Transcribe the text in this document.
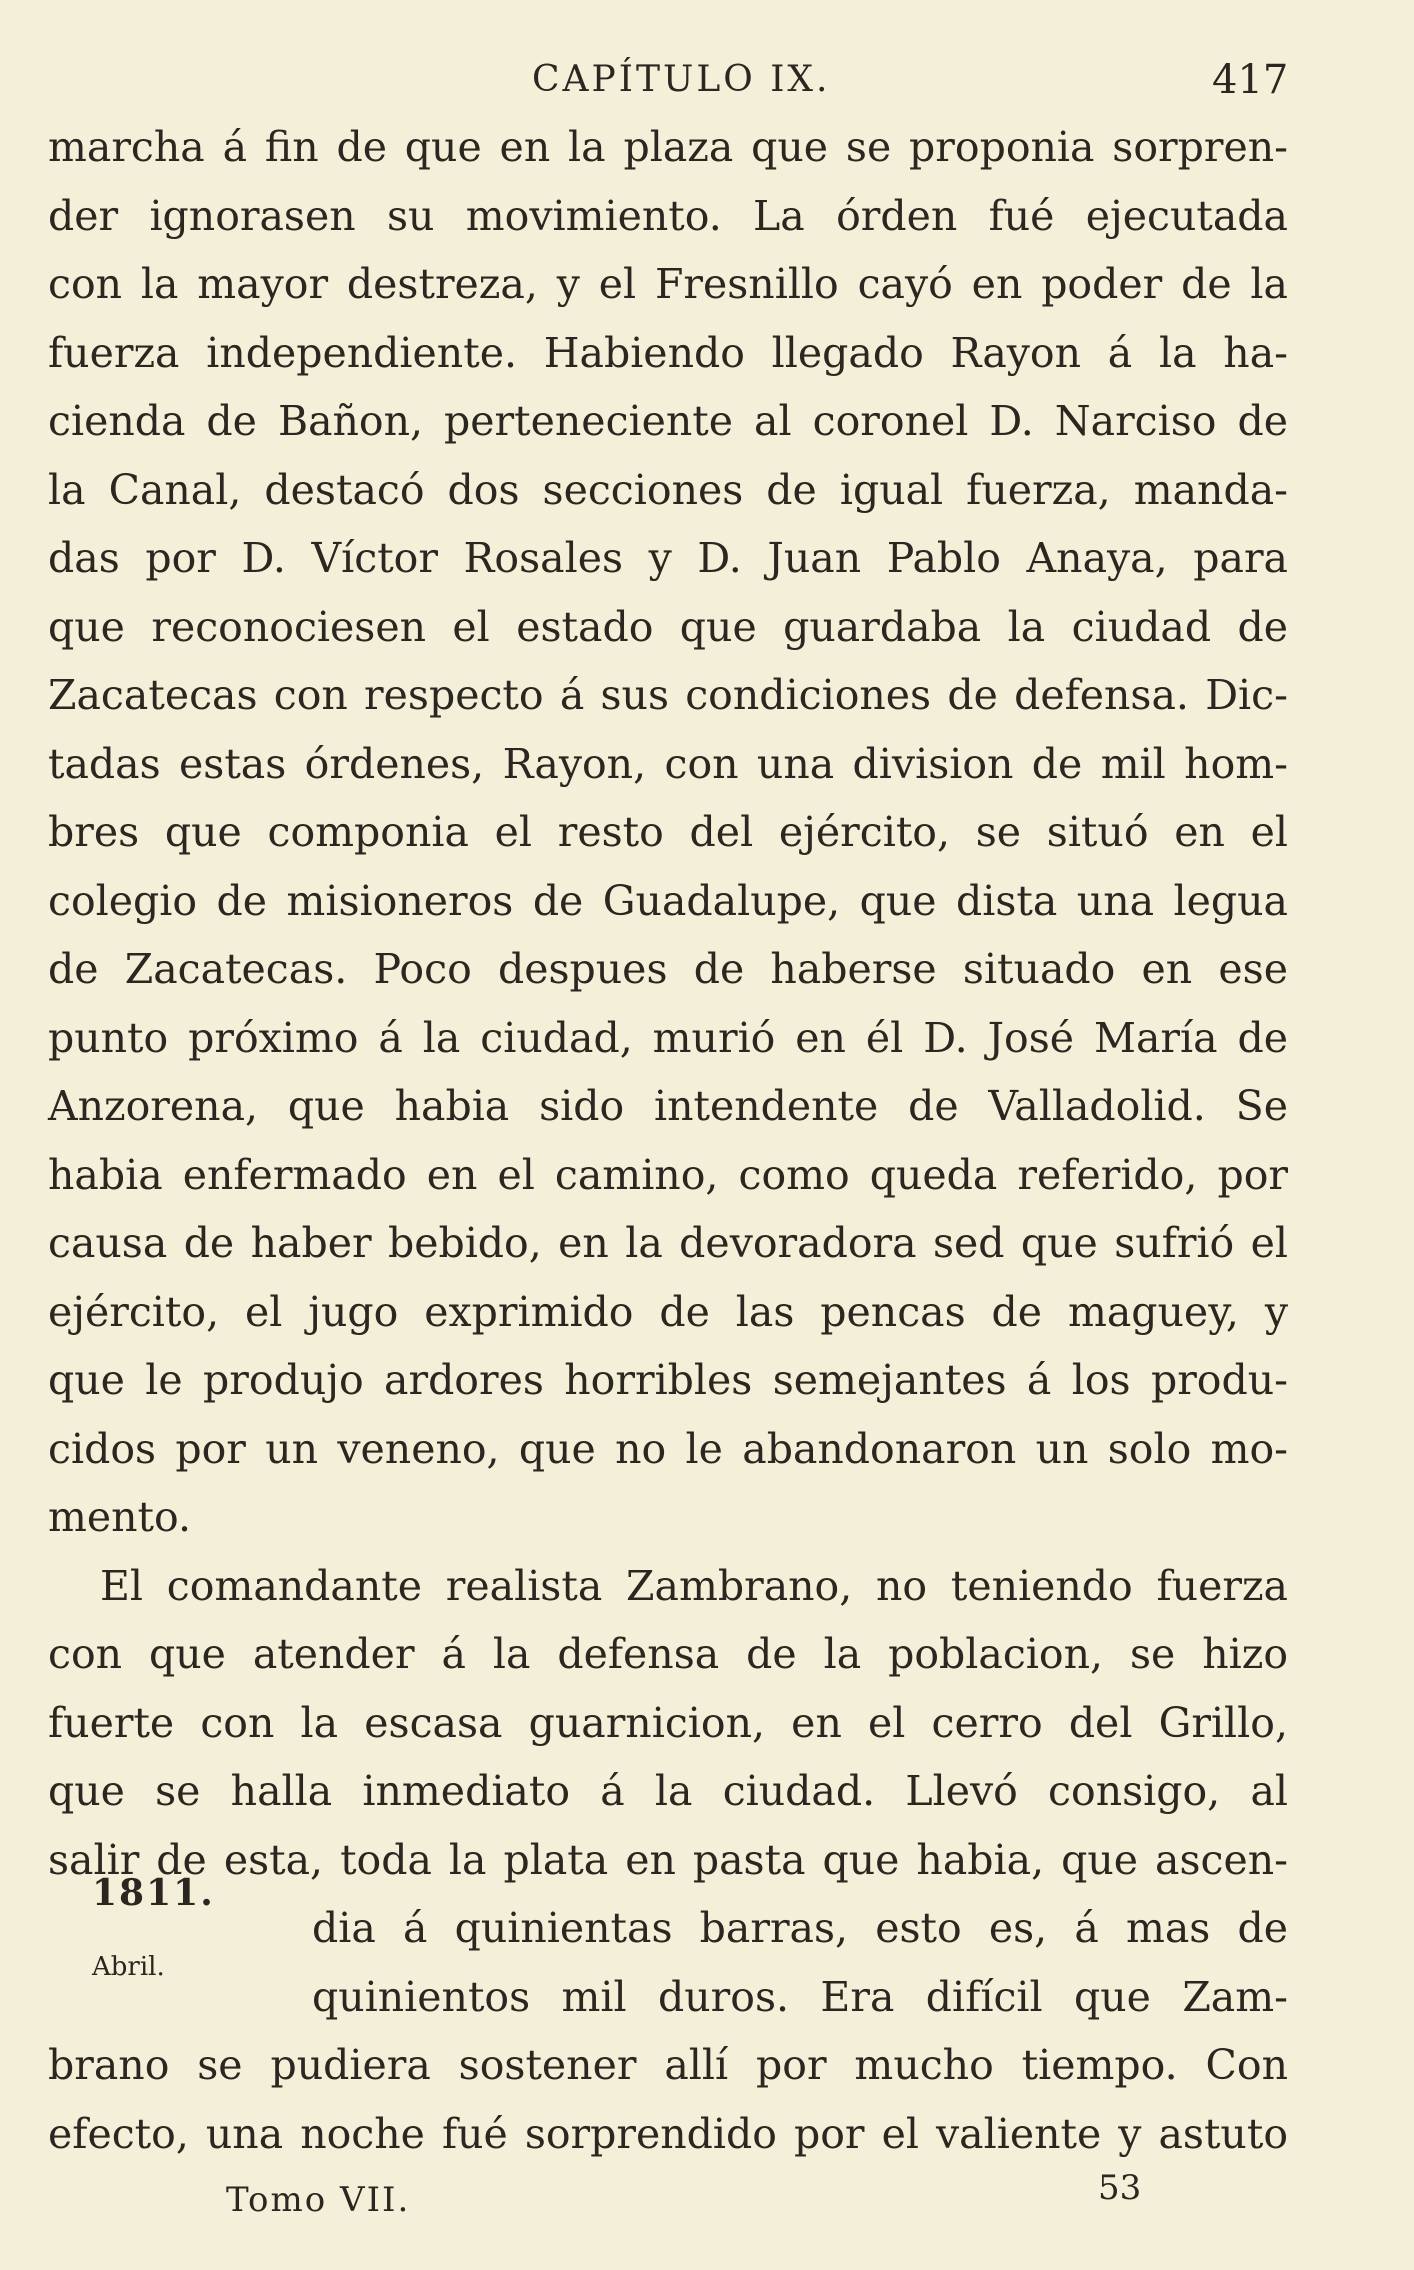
CAPÍTULO IX.	417
marcha á fin de que en la plaza que se proponia sorpren-
der ignorasen su movimiento. La órden fué ejecutada
con la mayor destreza, y el Fresnillo cayó en poder de la
fuerza independiente. Habiendo llegado Rayon á la ha-
cienda de Bañon, perteneciente al coronel D. Narciso de
la Canal, destacó dos secciones de igual fuerza, manda-
das por D. Víctor Rosales y D. Juan Pablo Anaya, para
que reconociesen el estado que guardaba la ciudad de
Zacatecas con respecto á sus condiciones de defensa. Dic-
tadas estas órdenes, Rayon, con una division de mil hom-
bres que componia el resto del ejército, se situó en el
colegio de misioneros de Guadalupe, que dista una legua
de Zacatecas. Poco despues de haberse situado en ese
punto próximo á la ciudad, murió en él D. José María de
Anzorena, que habia sido intendente de Valladolid. Se
habia enfermado en el camino, como queda referido, por
causa de haber bebido, en la devoradora sed que sufrió el
ejército, el jugo exprimido de las pencas de maguey, y
que le produjo ardores horribles semejantes á los produ-
cidos por un veneno, que no le abandonaron un solo mo-
mento.
El comandante realista Zambrano, no teniendo fuerza
con que atender á la defensa de la poblacion, se hizo
fuerte con la escasa guarnicion, en el cerro del Grillo,
que se halla inmediato á la ciudad. Llevó consigo, al
salir de esta, toda la plata en pasta que habia, que ascen-
dia á quinientas barras, esto es, á mas de
quinientos mil duros. Era difícil que Zam-
brano se pudiera sostener allí por mucho tiempo. Con
efecto, una noche fué sorprendido por el valiente y astuto
1811.
Abril.
Tomo VII.	53
